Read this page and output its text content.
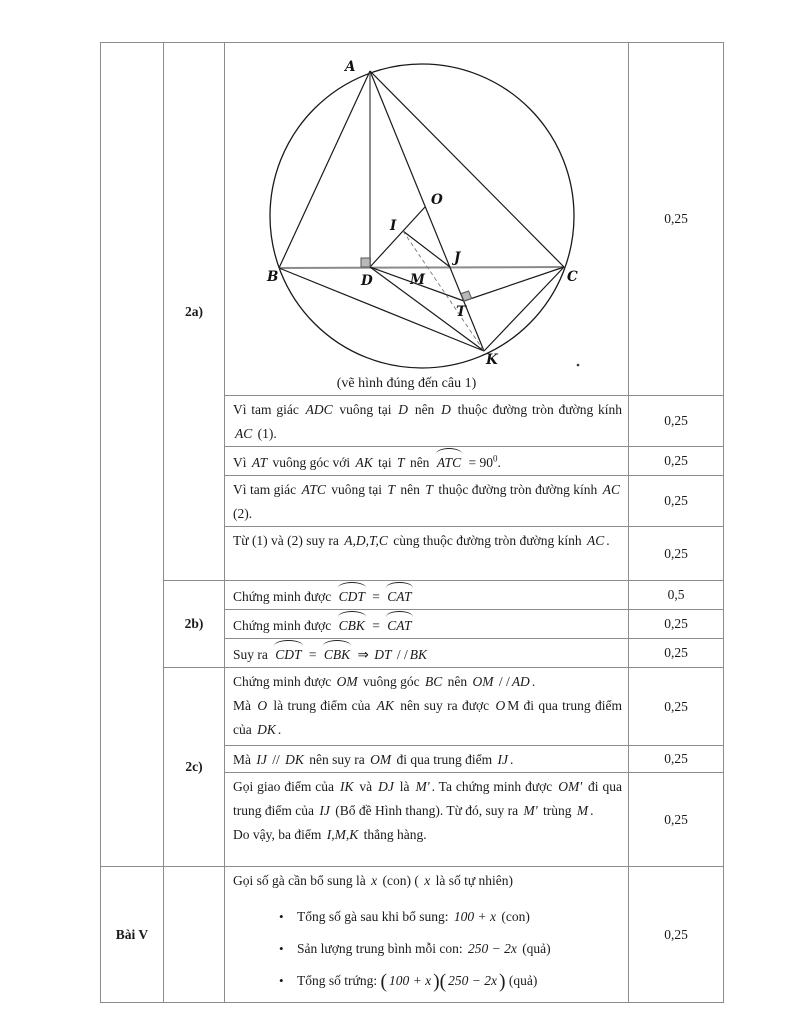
	2a)	
A
B	C
D
K
O
I
J
M
T
(vẽ hình đúng đến câu 1)
	0,25

		Vì tam giác ADC vuông tại D nên D thuộc đường tròn đường kính AC (1).	0,25

		Vì AT vuông góc với AK tại T nên ATC = $90^0$.	0,25

		Vì tam giác ATC vuông tại T nên T thuộc đường tròn đường kính AC (2).	0,25

		Từ (1) và (2) suy ra A,D,T,C cùng thuộc đường tròn đường kính AC .	0,25
	2b)	Chứng minh được CDT = CAT	0,5

		Chứng minh được CBK = CAT	0,25

		Suy ra CDT = CBK ⇒ DT / / BK	0,25
	2c)	Chứng minh được OM vuông góc BC nên OM / / AD .

Mà O là trung điểm của AK nên suy ra được O M đi qua trung điểm của DK .	0,25

		Mà IJ // DK nên suy ra OM đi qua trung điểm IJ .	0,25

		Gọi giao điểm của IK và DJ là M' . Ta chứng minh được OM' đi qua trung điểm của IJ (Bổ đề Hình thang). Từ đó, suy ra M' trùng M .

Do vậy, ba điểm I,M,K thẳng hàng.	0,25
Bài V		

Gọi số gà cần bổ sung là x (con) ( x là số tự nhiên)

• Tổng số gà sau khi bổ sung: 100 + x (con)
• Sản lượng trung bình mỗi con: 250 − 2x (quả)
• Tổng số trứng: ( 100 + x )( 250 − 2x ) (quả)
	0,25
